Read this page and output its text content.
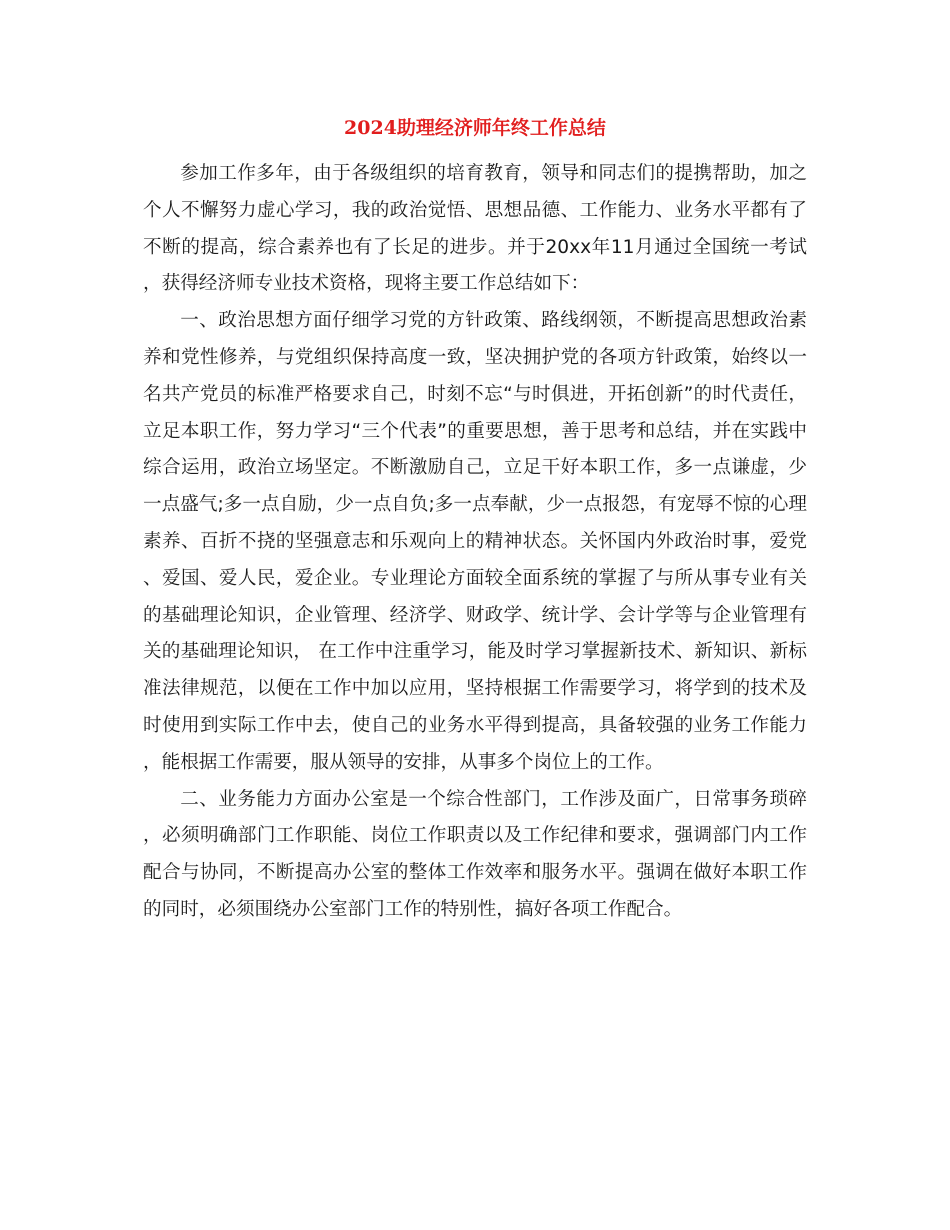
2024助理经济师年终工作总结

参加工作多年，由于各级组织的培育教育，领导和同志们的提携帮助，加之个人不懈努力虚心学习，我的政治觉悟、思想品德、工作能力、业务水平都有了不断的提高，综合素养也有了长足的进步。并于20xx年11月通过全国统一考试，获得经济师专业技术资格，现将主要工作总结如下：

一、政治思想方面仔细学习党的方针政策、路线纲领，不断提高思想政治素养和党性修养，与党组织保持高度一致，坚决拥护党的各项方针政策，始终以一名共产党员的标准严格要求自己，时刻不忘“与时俱进，开拓创新”的时代责任，立足本职工作，努力学习“三个代表”的重要思想，善于思考和总结，并在实践中综合运用，政治立场坚定。不断激励自己，立足干好本职工作，多一点谦虚，少一点盛气;多一点自励，少一点自负;多一点奉献，少一点报怨，有宠辱不惊的心理素养、百折不挠的坚强意志和乐观向上的精神状态。关怀国内外政治时事，爱党、爱国、爱人民，爱企业。专业理论方面较全面系统的掌握了与所从事专业有关的基础理论知识，企业管理、经济学、财政学、统计学、会计学等与企业管理有关的基础理论知识， 在工作中注重学习，能及时学习掌握新技术、新知识、新标准法律规范，以便在工作中加以应用，坚持根据工作需要学习，将学到的技术及时使用到实际工作中去，使自己的业务水平得到提高，具备较强的业务工作能力，能根据工作需要，服从领导的安排，从事多个岗位上的工作。

二、业务能力方面办公室是一个综合性部门，工作涉及面广，日常事务琐碎，必须明确部门工作职能、岗位工作职责以及工作纪律和要求，强调部门内工作配合与协同，不断提高办公室的整体工作效率和服务水平。强调在做好本职工作的同时，必须围绕办公室部门工作的特别性，搞好各项工作配合。
